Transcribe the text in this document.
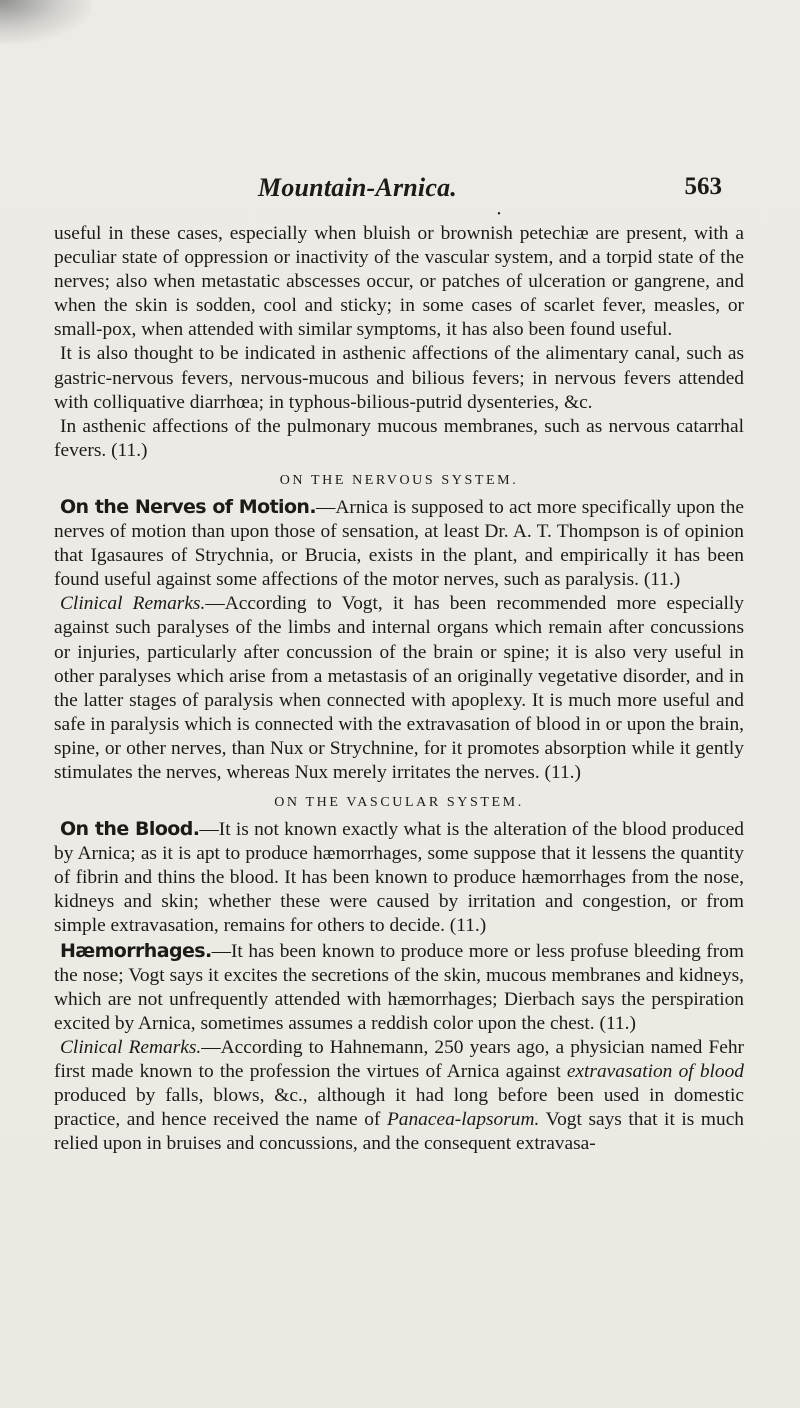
Mountain-Arnica.	563
•

useful in these cases, especially when bluish or brownish petechiæ are present, with a peculiar state of oppression or inactivity of the vascular system, and a torpid state of the nerves; also when metastatic abscesses occur, or patches of ulceration or gangrene, and when the skin is sodden, cool and sticky; in some cases of scarlet fever, measles, or small-pox, when attended with similar symptoms, it has also been found useful.

It is also thought to be indicated in asthenic affections of the alimentary canal, such as gastric-nervous fevers, nervous-mucous and bilious fevers; in nervous fevers attended with colliquative diarrhœa; in typhous-bilious-putrid dysenteries, &c.

In asthenic affections of the pulmonary mucous membranes, such as nervous catarrhal fevers. (11.)

ON THE NERVOUS SYSTEM.

On the Nerves of Motion.—Arnica is supposed to act more specifically upon the nerves of motion than upon those of sensation, at least Dr. A. T. Thompson is of opinion that Igasaures of Strychnia, or Brucia, exists in the plant, and empirically it has been found useful against some affections of the motor nerves, such as paralysis. (11.)

Clinical Remarks.—According to Vogt, it has been recommended more especially against such paralyses of the limbs and internal organs which remain after concussions or injuries, particularly after concussion of the brain or spine; it is also very useful in other paralyses which arise from a metastasis of an originally vegetative disorder, and in the latter stages of paralysis when connected with apoplexy. It is much more useful and safe in paralysis which is connected with the extravasation of blood in or upon the brain, spine, or other nerves, than Nux or Strychnine, for it promotes absorption while it gently stimulates the nerves, whereas Nux merely irritates the nerves. (11.)

ON THE VASCULAR SYSTEM.

On the Blood.—It is not known exactly what is the alteration of the blood produced by Arnica; as it is apt to produce hæmorrhages, some suppose that it lessens the quantity of fibrin and thins the blood. It has been known to produce hæmorrhages from the nose, kidneys and skin; whether these were caused by irritation and congestion, or from simple extravasation, remains for others to decide. (11.)

Hæmorrhages.—It has been known to produce more or less profuse bleeding from the nose; Vogt says it excites the secretions of the skin, mucous membranes and kidneys, which are not unfrequently attended with hæmorrhages; Dierbach says the perspiration excited by Arnica, sometimes assumes a reddish color upon the chest. (11.)

Clinical Remarks.—According to Hahnemann, 250 years ago, a physician named Fehr first made known to the profession the virtues of Arnica against extravasation of blood produced by falls, blows, &c., although it had long before been used in domestic practice, and hence received the name of Panacea-lapsorum. Vogt says that it is much relied upon in bruises and concussions, and the consequent extravasa-
